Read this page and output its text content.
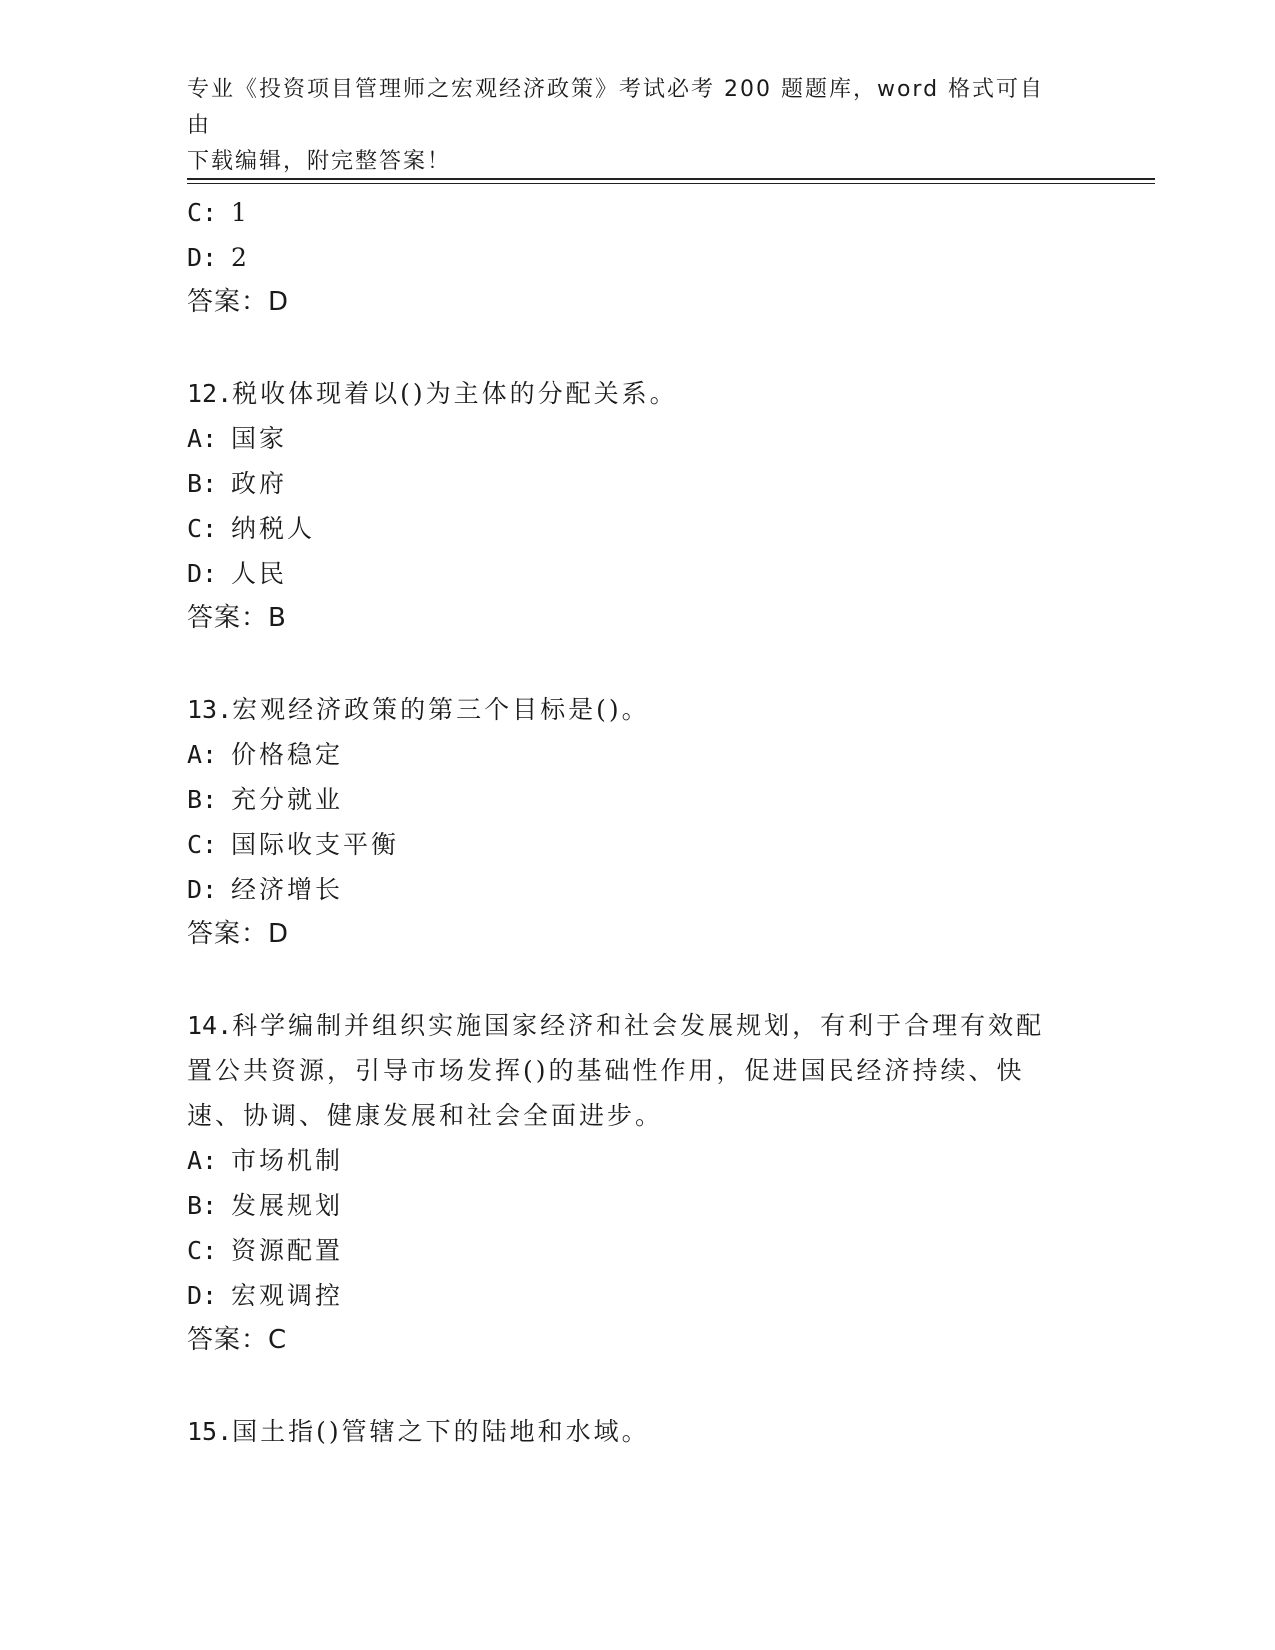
专业《投资项目管理师之宏观经济政策》考试必考 200 题题库，word 格式可自由
下载编辑，附完整答案！
C: 1
D: 2
答案：D
12.税收体现着以()为主体的分配关系。
A: 国家
B: 政府
C: 纳税人
D: 人民
答案：B
13.宏观经济政策的第三个目标是()。
A: 价格稳定
B: 充分就业
C: 国际收支平衡
D: 经济增长
答案：D
14.科学编制并组织实施国家经济和社会发展规划，有利于合理有效配置公共资源，引导市场发挥()的基础性作用，促进国民经济持续、快速、协调、健康发展和社会全面进步。
A: 市场机制
B: 发展规划
C: 资源配置
D: 宏观调控
答案：C
15.国土指()管辖之下的陆地和水域。
